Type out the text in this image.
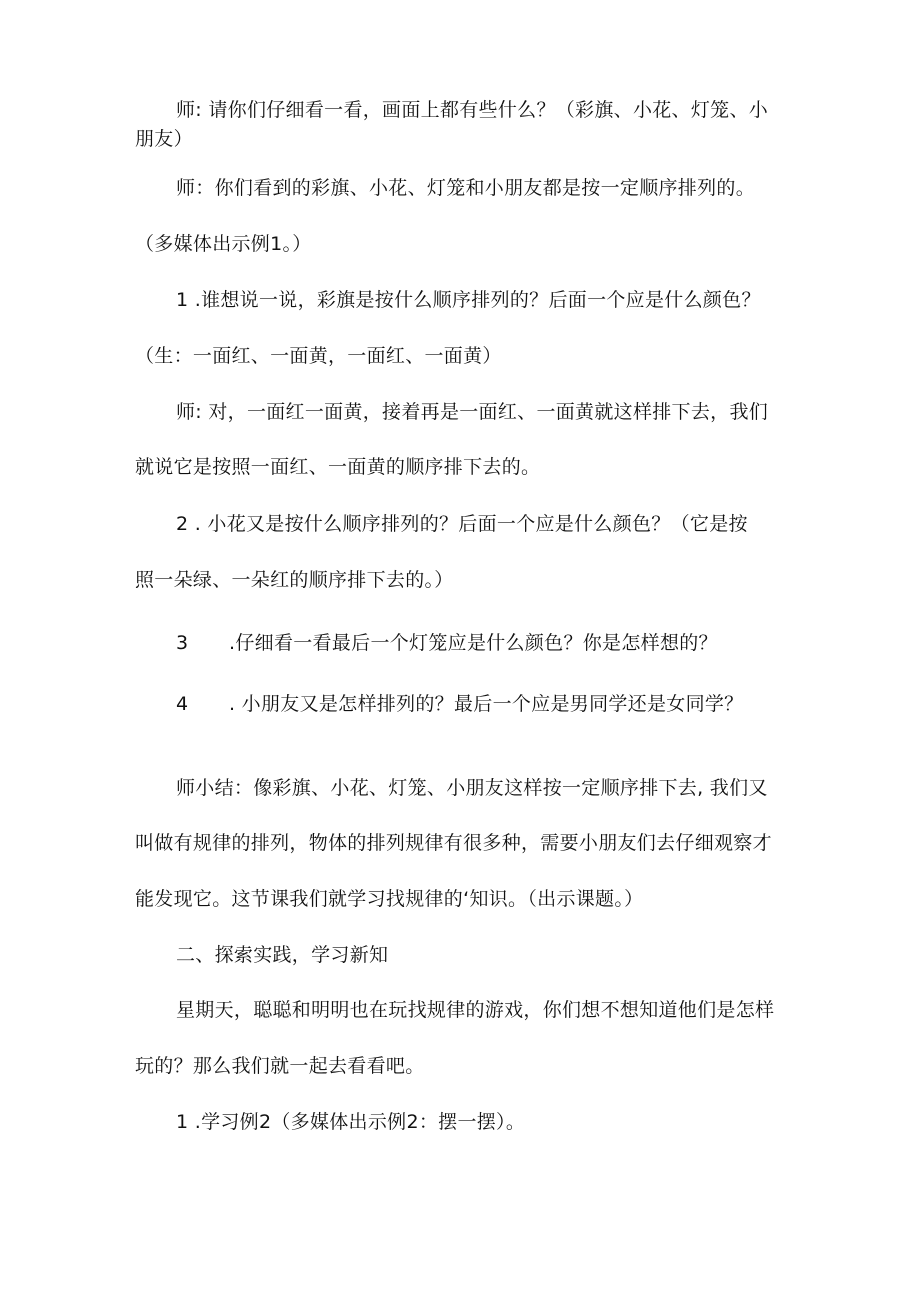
师: 请你们仔细看一看，画面上都有些什么？（彩旗、小花、灯笼、小
朋友）
师：你们看到的彩旗、小花、灯笼和小朋友都是按一定顺序排列的。
（多媒体出示例1。）
1 .谁想说一说，彩旗是按什么顺序排列的？后面一个应是什么颜色？
（生：一面红、一面黄，一面红、一面黄）
师: 对，一面红一面黄，接着再是一面红、一面黄就这样排下去，我们
就说它是按照一面红、一面黄的顺序排下去的。
2 . 小花又是按什么顺序排列的？后面一个应是什么颜色？（它是按
照一朵绿、一朵红的顺序排下去的。）
3 .仔细看一看最后一个灯笼应是什么颜色？你是怎样想的？
4 . 小朋友又是怎样排列的？最后一个应是男同学还是女同学？
师小结：像彩旗、小花、灯笼、小朋友这样按一定顺序排下去, 我们又
叫做有规律的排列，物体的排列规律有很多种，需要小朋友们去仔细观察才
能发现它。这节课我们就学习找规律的‘知识。（出示课题。）
二、探索实践，学习新知
星期天，聪聪和明明也在玩找规律的游戏，你们想不想知道他们是怎样
玩的？那么我们就一起去看看吧。
1 .学习例2（多媒体出示例2：摆一摆）。
